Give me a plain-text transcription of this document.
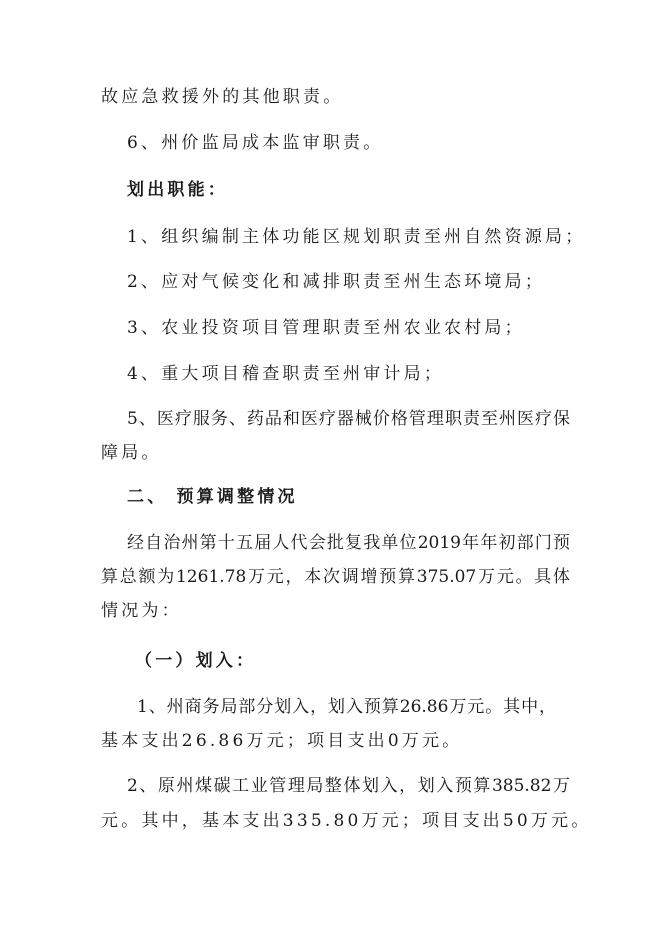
故应急救援外的其他职责。
6、州价监局成本监审职责。
划出职能：
1、组织编制主体功能区规划职责至州自然资源局；
2、应对气候变化和减排职责至州生态环境局；
3、农业投资项目管理职责至州农业农村局；
4、重大项目稽查职责至州审计局；
5、医疗服务、药品和医疗器械价格管理职责至州医疗保
障局。
二、 预算调整情况
经自治州第十五届人代会批复我单位2019年年初部门预
算总额为1261.78万元，本次调增预算375.07万元。具体
情况为：
（一）划入：
1、州商务局部分划入，划入预算26.86万元。其中，
基本支出26.86万元；项目支出0万元。
2、原州煤碳工业管理局整体划入，划入预算385.82万
元。其中，基本支出335.80万元；项目支出50万元。
